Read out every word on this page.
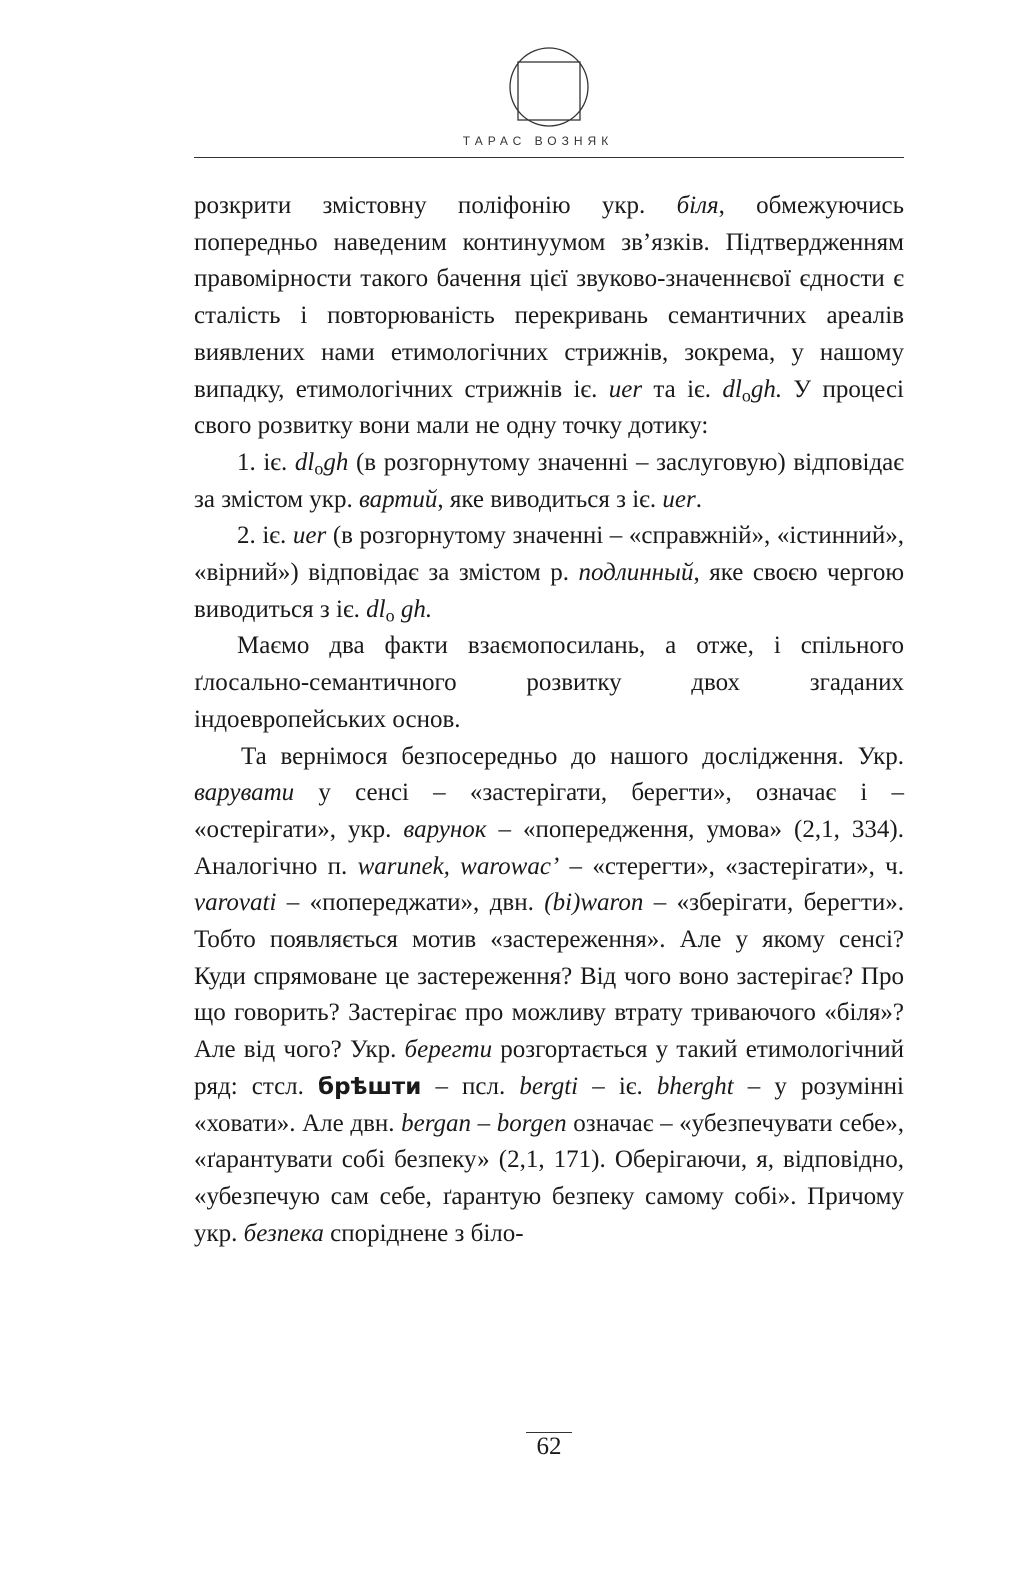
ТАРАС ВОЗНЯК

розкрити змістовну поліфонію укр. біля, обмежуючись попередньо наведеним континуумом зв’язків. Підтвердженням правомірности такого бачення цієї звуково-значеннєвої єдности є сталість і повторюваність перекривань семантичних ареалів виявлених нами етимологічних стрижнів, зокрема, у нашому випадку, етимологічних стрижнів іє. uer та іє. $dl_ogh$. У процесі свого розвитку вони мали не одну точку дотику:

1. іє. $dl_ogh$ (в розгорнутому значенні – заслуговую) відповідає за змістом укр. вартий, яке виводиться з іє. uer.

2. іє. uer (в розгорнутому значенні – «справжній», «істинний», «вірний») відповідає за змістом р. подлинный, яке своєю чергою виводиться з іє. $dl_o$ gh.

Маємо два факти взаємопосилань, а отже, і спільного ґлосально-семантичного розвитку двох згаданих індоевропейських основ.

Та вернімося безпосередньо до нашого дослідження. Укр. варувати у сенсі – «застерігати, берегти», означає і – «остерігати», укр. варунок – «попередження, умова» (2,1, 334). Аналогічно п. warunek, warowac’ – «стерегти», «застерігати», ч. varovati – «попереджати», двн. (bi)waron – «зберігати, берегти». Тобто появляється мотив «застереження». Але у якому сенсі? Куди спрямоване це застереження? Від чого воно застерігає? Про що говорить? Застерігає про можливу втрату триваючого «біля»? Але від чого? Укр. берегти розгортається у такий етимологічний ряд: стсл. брѣшти – псл. bergti – іє. bherght – у розумінні «ховати». Але двн. bergan – borgen означає – «убезпечувати себе», «ґарантувати собі безпеку» (2,1, 171). Оберігаючи, я, відповідно, «убезпечую сам себе, ґарантую безпеку самому собі». Причому укр. безпека споріднене з біло-

62
